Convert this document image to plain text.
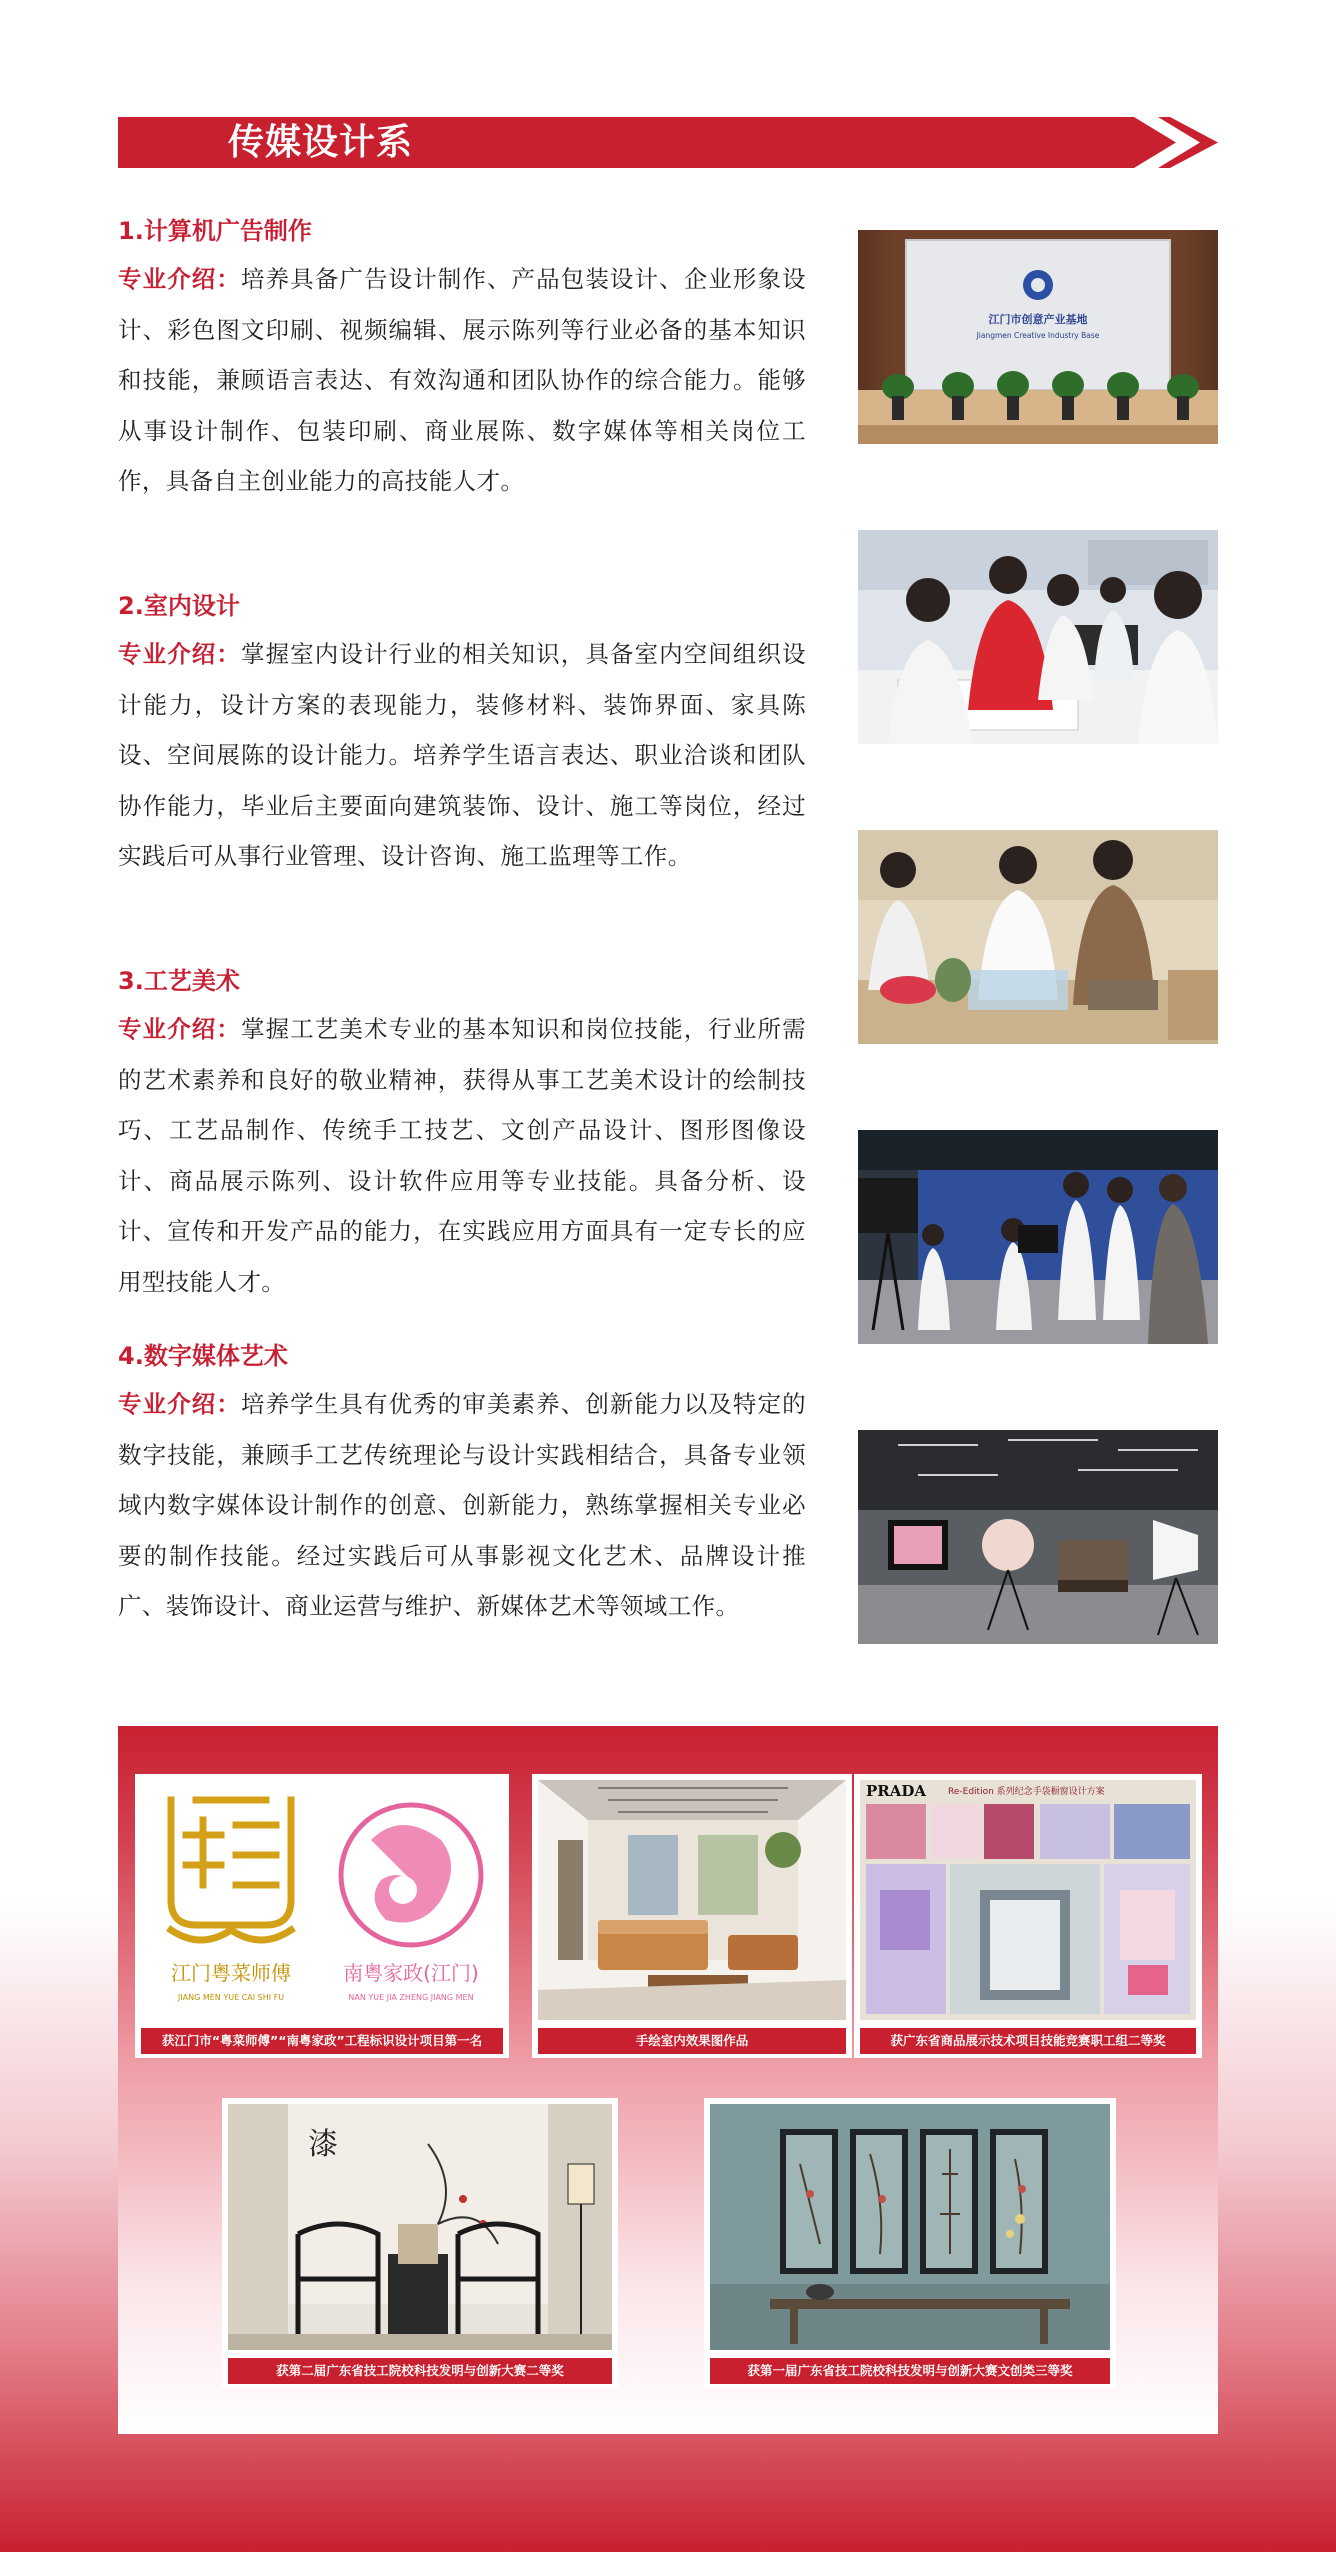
传媒设计系
1.计算机广告制作

专业介绍：培养具备广告设计制作、产品包装设计、企业形象设计、彩色图文印刷、视频编辑、展示陈列等行业必备的基本知识和技能，兼顾语言表达、有效沟通和团队协作的综合能力。能够从事设计制作、包装印刷、商业展陈、数字媒体等相关岗位工作，具备自主创业能力的高技能人才。

2.室内设计

专业介绍：掌握室内设计行业的相关知识，具备室内空间组织设计能力，设计方案的表现能力，装修材料、装饰界面、家具陈设、空间展陈的设计能力。培养学生语言表达、职业洽谈和团队协作能力，毕业后主要面向建筑装饰、设计、施工等岗位，经过实践后可从事行业管理、设计咨询、施工监理等工作。

3.工艺美术

专业介绍：掌握工艺美术专业的基本知识和岗位技能，行业所需的艺术素养和良好的敬业精神，获得从事工艺美术设计的绘制技巧、工艺品制作、传统手工技艺、文创产品设计、图形图像设计、商品展示陈列、设计软件应用等专业技能。具备分析、设计、宣传和开发产品的能力，在实践应用方面具有一定专长的应用型技能人才。

4.数字媒体艺术

专业介绍：培养学生具有优秀的审美素养、创新能力以及特定的数字技能，兼顾手工艺传统理论与设计实践相结合，具备专业领域内数字媒体设计制作的创意、创新能力，熟练掌握相关专业必要的制作技能。经过实践后可从事影视文化艺术、品牌设计推广、装饰设计、商业运营与维护、新媒体艺术等领域工作。

江门市创意产业基地
Jiangmen Creative Industry Base
江门粤菜师傅
JIANG MEN YUE CAI SHI FU
南粤家政(江门)
NAN YUE JIA ZHENG JIANG MEN
获江门市“粤菜师傅”“南粤家政”工程标识设计项目第一名	手绘室内效果图作品
PRADA Re-Edition 系列纪念手袋橱窗设计方案
获广东省商品展示技术项目技能竞赛职工组二等奖
漆
获第二届广东省技工院校科技发明与创新大赛二等奖	获第一届广东省技工院校科技发明与创新大赛文创类三等奖
